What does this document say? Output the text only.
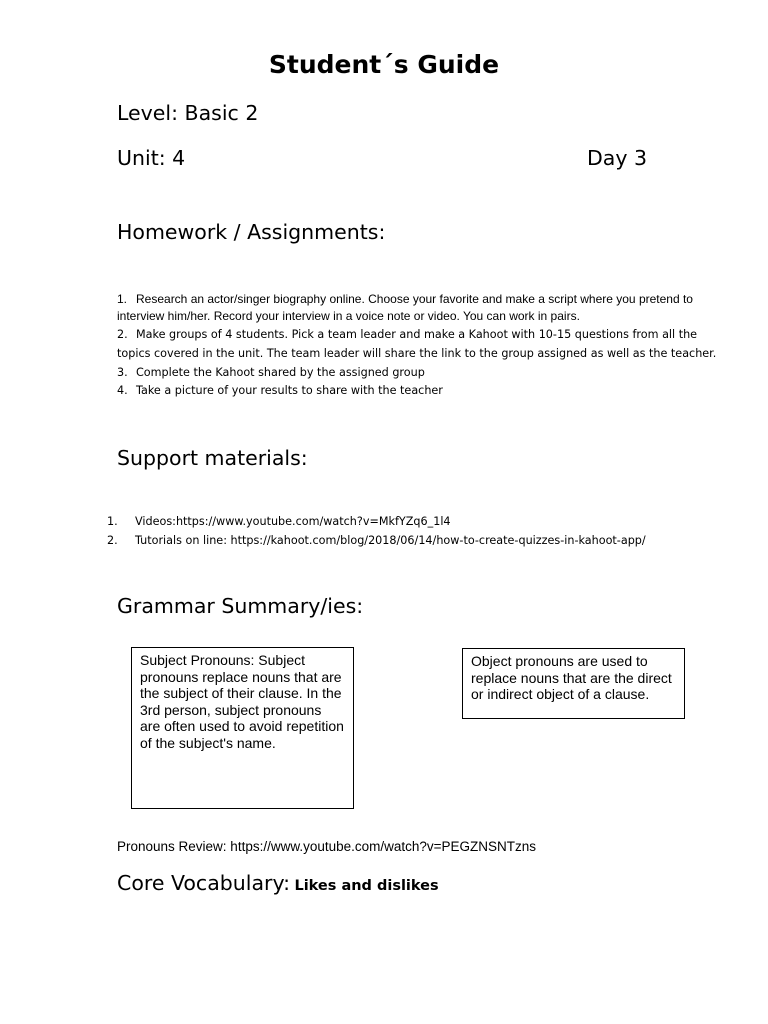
Student´s Guide
Level: Basic 2
Unit: 4	Day 3
Homework / Assignments:
1. Research an actor/singer biography online. Choose your favorite and make a script where you pretend to interview him/her. Record your interview in a voice note or video. You can work in pairs.
2. Make groups of 4 students. Pick a team leader and make a Kahoot with 10-15 questions from all the topics covered in the unit. The team leader will share the link to the group assigned as well as the teacher.
3. Complete the Kahoot shared by the assigned group
4. Take a picture of your results to share with the teacher
Support materials:
1. Videos:https://www.youtube.com/watch?v=MkfYZq6_1l4
2. Tutorials on line: https://kahoot.com/blog/2018/06/14/how-to-create-quizzes-in-kahoot-app/
Grammar Summary/ies:
Subject Pronouns: Subject pronouns replace nouns that are the subject of their clause. In the 3rd person, subject pronouns are often used to avoid repetition of the subject's name.
Object pronouns are used to replace nouns that are the direct or indirect object of a clause.
Pronouns Review: https://www.youtube.com/watch?v=PEGZNSNTzns
Core Vocabulary: Likes and dislikes
